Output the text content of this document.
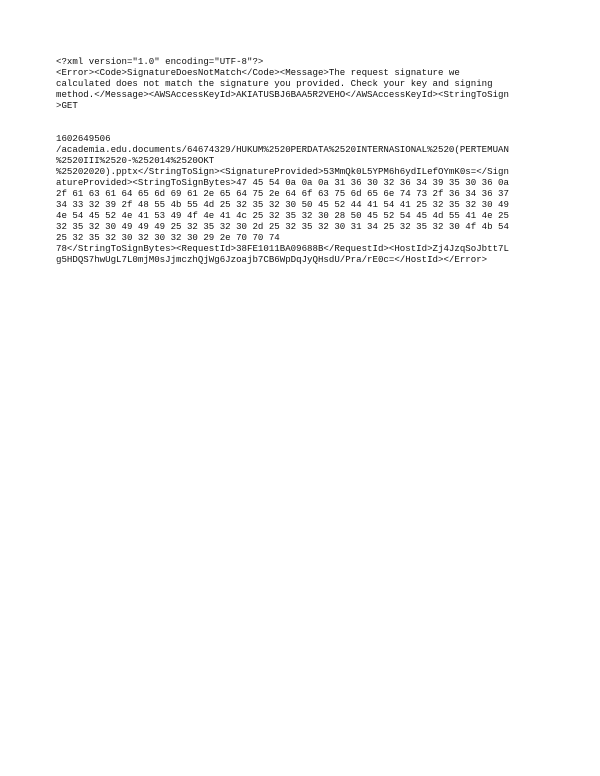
<?xml version="1.0" encoding="UTF-8"?>
<Error><Code>SignatureDoesNotMatch</Code><Message>The request signature we
calculated does not match the signature you provided. Check your key and signing
method.</Message><AWSAccessKeyId>AKIATUSBJ6BAA5R2VEHO</AWSAccessKeyId><StringToSign
>GET

1602649506
/academia.edu.documents/64674329/HUKUM%2520PERDATA%2520INTERNASIONAL%2520(PERTEMUAN
%2520III%2520-%252014%2520OKT
%25202020).pptx</StringToSign><SignatureProvided>53MmQk0L5YPM6h6ydILefOYmK0s=</Sign
atureProvided><StringToSignBytes>47 45 54 0a 0a 0a 31 36 30 32 36 34 39 35 30 36 0a
2f 61 63 61 64 65 6d 69 61 2e 65 64 75 2e 64 6f 63 75 6d 65 6e 74 73 2f 36 34 36 37
34 33 32 39 2f 48 55 4b 55 4d 25 32 35 32 30 50 45 52 44 41 54 41 25 32 35 32 30 49
4e 54 45 52 4e 41 53 49 4f 4e 41 4c 25 32 35 32 30 28 50 45 52 54 45 4d 55 41 4e 25
32 35 32 30 49 49 49 25 32 35 32 30 2d 25 32 35 32 30 31 34 25 32 35 32 30 4f 4b 54
25 32 35 32 30 32 30 32 30 29 2e 70 70 74
78</StringToSignBytes><RequestId>38FE1011BA09688B</RequestId><HostId>Zj4JzqSoJbtt7L
g5HDQS7hwUgL7L0mjM0sJjmczhQjWg6Jzoajb7CB6WpDqJyQHsdU/Pra/rE0c=</HostId></Error>
